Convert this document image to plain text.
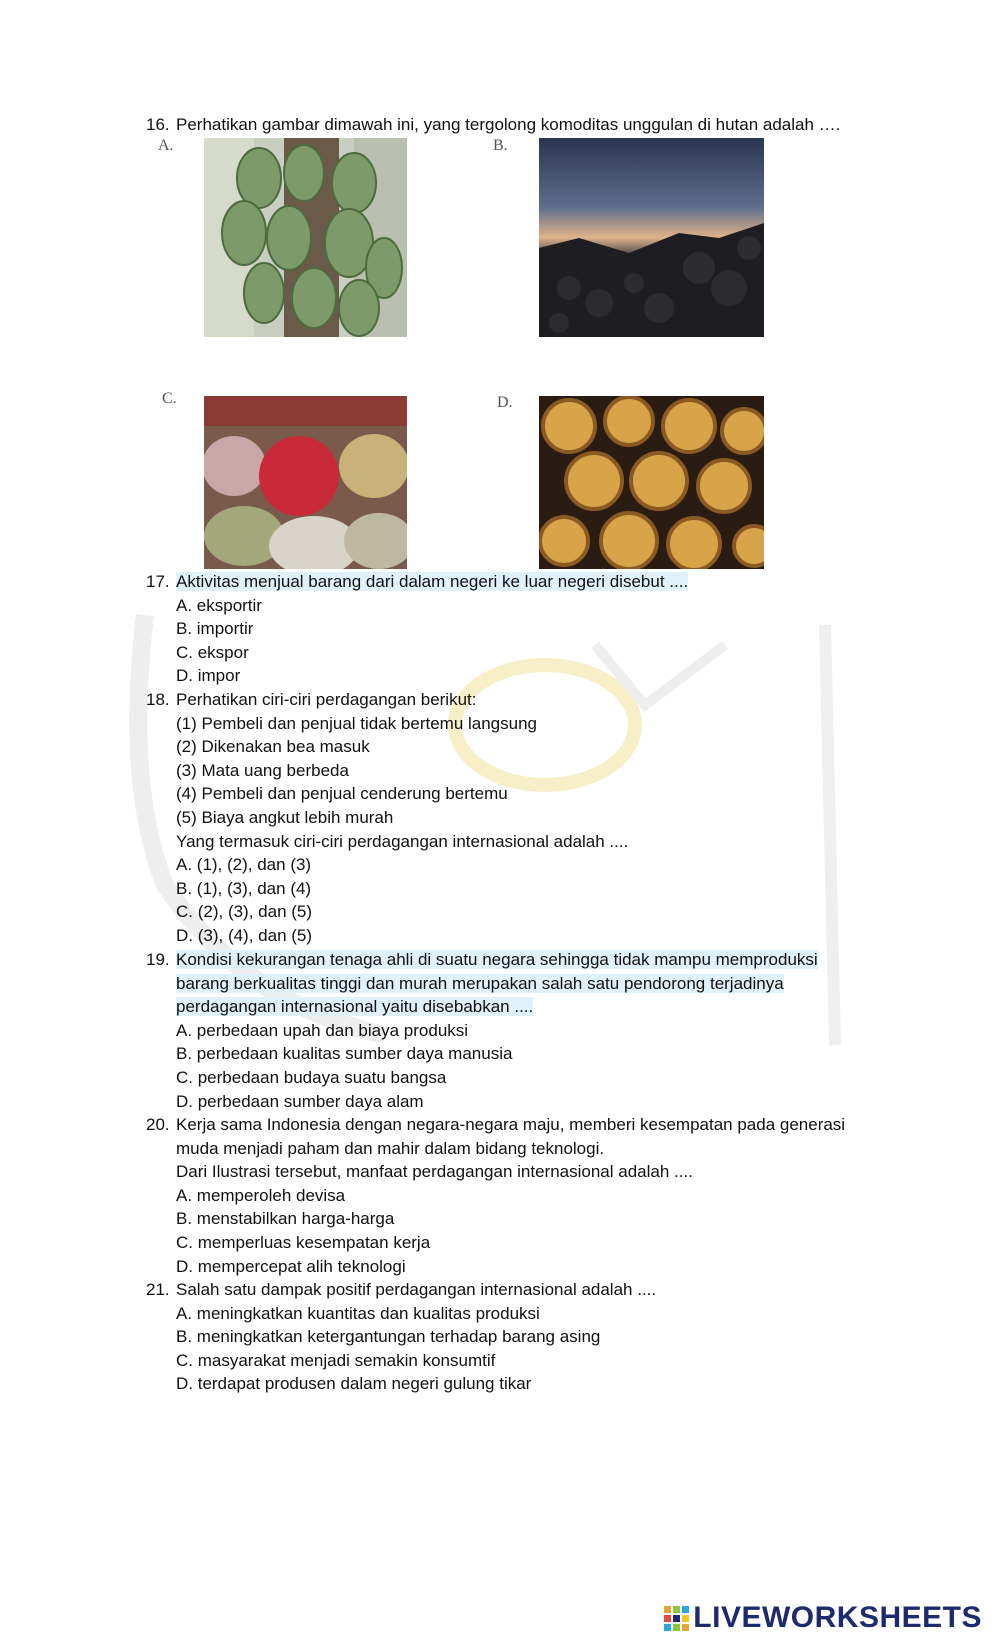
16. Perhatikan gambar dimawah ini, yang tergolong komoditas unggulan di hutan adalah ….
A.	B.
C.	D.
17. Aktivitas menjual barang dari dalam negeri ke luar negeri disebut ....
A. eksportir
B. importir
C. ekspor
D. impor
18. Perhatikan ciri-ciri perdagangan berikut:
(1) Pembeli dan penjual tidak bertemu langsung
(2) Dikenakan bea masuk
(3) Mata uang berbeda
(4) Pembeli dan penjual cenderung bertemu
(5) Biaya angkut lebih murah
Yang termasuk ciri-ciri perdagangan internasional adalah ....
A. (1), (2), dan (3)
B. (1), (3), dan (4)
C. (2), (3), dan (5)
D. (3), (4), dan (5)
19. Kondisi kekurangan tenaga ahli di suatu negara sehingga tidak mampu memproduksi
barang berkualitas tinggi dan murah merupakan salah satu pendorong terjadinya
perdagangan internasional yaitu disebabkan ....
A. perbedaan upah dan biaya produksi
B. perbedaan kualitas sumber daya manusia
C. perbedaan budaya suatu bangsa
D. perbedaan sumber daya alam
20. Kerja sama Indonesia dengan negara-negara maju, memberi kesempatan pada generasi
muda menjadi paham dan mahir dalam bidang teknologi.
Dari Ilustrasi tersebut, manfaat perdagangan internasional adalah ....
A. memperoleh devisa
B. menstabilkan harga-harga
C. memperluas kesempatan kerja
D. mempercepat alih teknologi
21. Salah satu dampak positif perdagangan internasional adalah ....
A. meningkatkan kuantitas dan kualitas produksi
B. meningkatkan ketergantungan terhadap barang asing
C. masyarakat menjadi semakin konsumtif
D. terdapat produsen dalam negeri gulung tikar
LIVEWORKSHEETS
